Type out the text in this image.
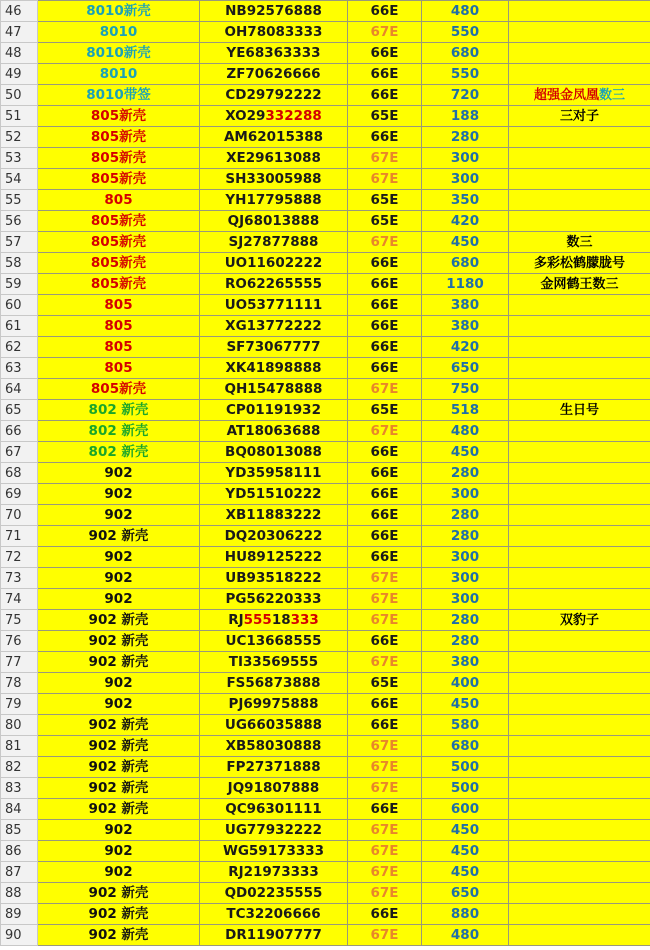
46	8010新壳	NB92576888	66E	480	
47	8010	OH78083333	67E	550	
48	8010新壳	YE68363333	66E	680	
49	8010	ZF70626666	66E	550	
50	8010带签	CD29792222	66E	720	超强金凤凰数三
51	805新壳	XO29332288	65E	188	三对子
52	805新壳	AM62015388	66E	280	
53	805新壳	XE29613088	67E	300	
54	805新壳	SH33005988	67E	300	
55	805	YH17795888	65E	350	
56	805新壳	QJ68013888	65E	420	
57	805新壳	SJ27877888	67E	450	数三
58	805新壳	UO11602222	66E	680	多彩松鹤朦胧号
59	805新壳	RO62265555	66E	1180	金网鹤王数三
60	805	UO53771111	66E	380	
61	805	XG13772222	66E	380	
62	805	SF73067777	66E	420	
63	805	XK41898888	66E	650	
64	805新壳	QH15478888	67E	750	
65	802 新壳	CP01191932	65E	518	生日号
66	802 新壳	AT18063688	67E	480	
67	802 新壳	BQ08013088	66E	450	
68	902	YD35958111	66E	280	
69	902	YD51510222	66E	300	
70	902	XB11883222	66E	280	
71	902 新壳	DQ20306222	66E	280	
72	902	HU89125222	66E	300	
73	902	UB93518222	67E	300	
74	902	PG56220333	67E	300	
75	902 新壳	RJ55518333	67E	280	双豹子
76	902 新壳	UC13668555	66E	280	
77	902 新壳	TI33569555	67E	380	
78	902	FS56873888	65E	400	
79	902	PJ69975888	66E	450	
80	902 新壳	UG66035888	66E	580	
81	902 新壳	XB58030888	67E	680	
82	902 新壳	FP27371888	67E	500	
83	902 新壳	JQ91807888	67E	500	
84	902 新壳	QC96301111	66E	600	
85	902	UG77932222	67E	450	
86	902	WG59173333	67E	450	
87	902	RJ21973333	67E	450	
88	902 新壳	QD02235555	67E	650	
89	902 新壳	TC32206666	66E	880	
90	902 新壳	DR11907777	67E	480	
